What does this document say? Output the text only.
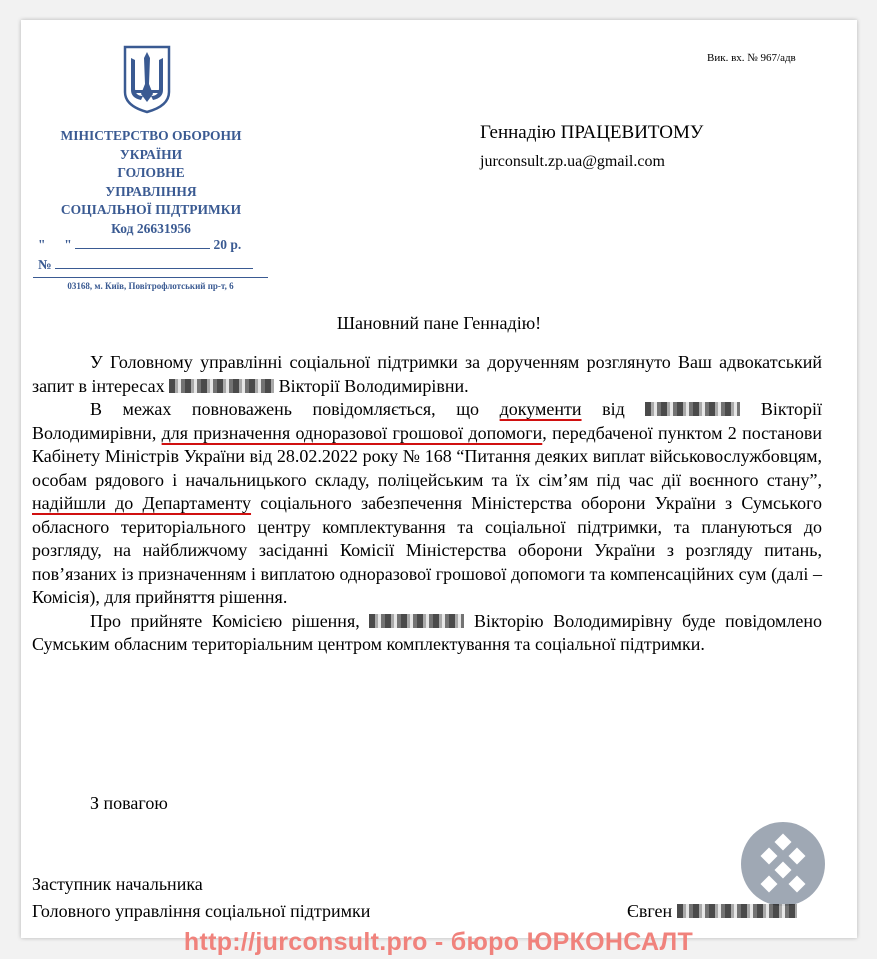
Вик. вх. № 967/адв
МІНІСТЕРСТВО ОБОРОНИ
УКРАЇНИ
ГОЛОВНЕ
УПРАВЛІННЯ
СОЦІАЛЬНОЇ ПІДТРИМКИ
Код 26631956
" "	20 р.
№
03168, м. Київ, Повітрофлотський пр-т, 6
Геннадію ПРАЦЕВИТОМУ
jurconsult.zp.ua@gmail.com
Шановний пане Геннадію!

У Головному управлінні соціальної підтримки за дорученням розглянуто Ваш адвокатський запит в інтересах	Вікторії Володимирівни.

В межах повноважень повідомляється, що документи від	Вікторії Володимирівни, для призначення одноразової грошової допомоги, передбаченої пунктом 2 постанови Кабінету Міністрів України від 28.02.2022 року № 168 “Питання деяких виплат військовослужбовцям, особам рядового і начальницького складу, поліцейським та їх сім’ям під час дії воєнного стану”, надійшли до Департаменту соціального забезпечення Міністерства оборони України з Сумського обласного територіального центру комплектування та соціальної підтримки, та плануються до розгляду, на найближчому засіданні Комісії Міністерства оборони України з розгляду питань, пов’язаних із призначенням і виплатою одноразової грошової допомоги та компенсаційних сум (далі – Комісія), для прийняття рішення.

Про прийняте Комісією рішення,	Вікторію Володимирівну буде повідомлено Сумським обласним територіальним центром комплектування та соціальної підтримки.

З повагою
Заступник начальника
Головного управління соціальної підтримки	Євген
http://jurconsult.pro - бюро ЮРКОНСАЛТ
